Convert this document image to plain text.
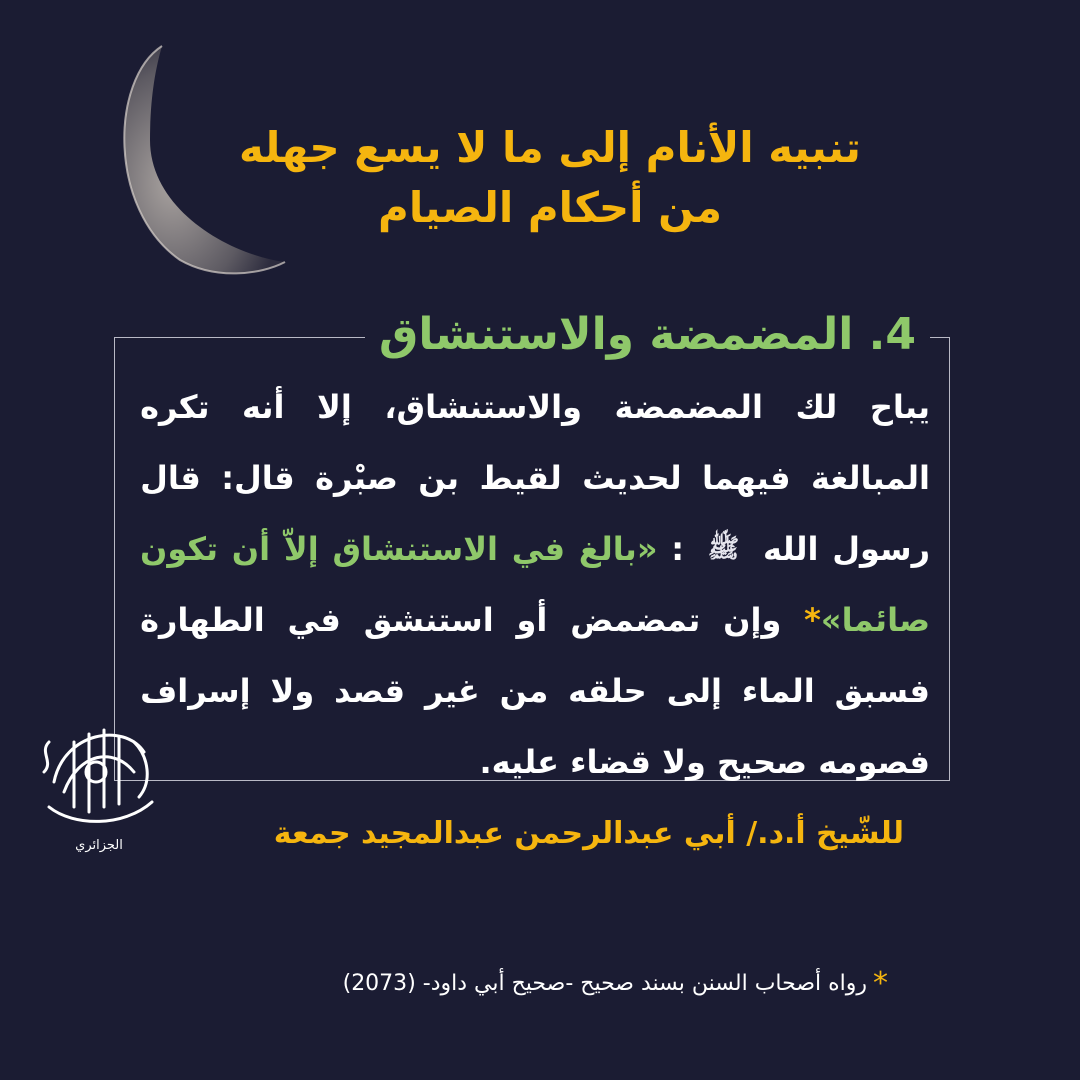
تنبيه الأنام إلى ما لا يسع جهله
من أحكام الصيام
4. المضمضة والاستنشاق
يباح
لك
المضمضة
والاستنشاق،
إلا
أنه
تكره
المبالغة
فيهما
لحديث
لقيط
بن
صبْرة
قال:
قال
رسول
الله
ﷺ
:
«بالغ
في
الاستنشاق
إلاّ
أن
تكون
صائما»*
وإن
تمضمض
أو
استنشق
في
الطهارة
فسبق
الماء
إلى
حلقه
من
غير
قصد
ولا
إسراف
فصومه صحيح ولا قضاء عليه.
الجزائري	للشّيخ أ.د./ أبي عبدالرحمن عبدالمجيد جمعة
*رواه أصحاب السنن بسند صحيح -صحيح أبي داود- (2073)
